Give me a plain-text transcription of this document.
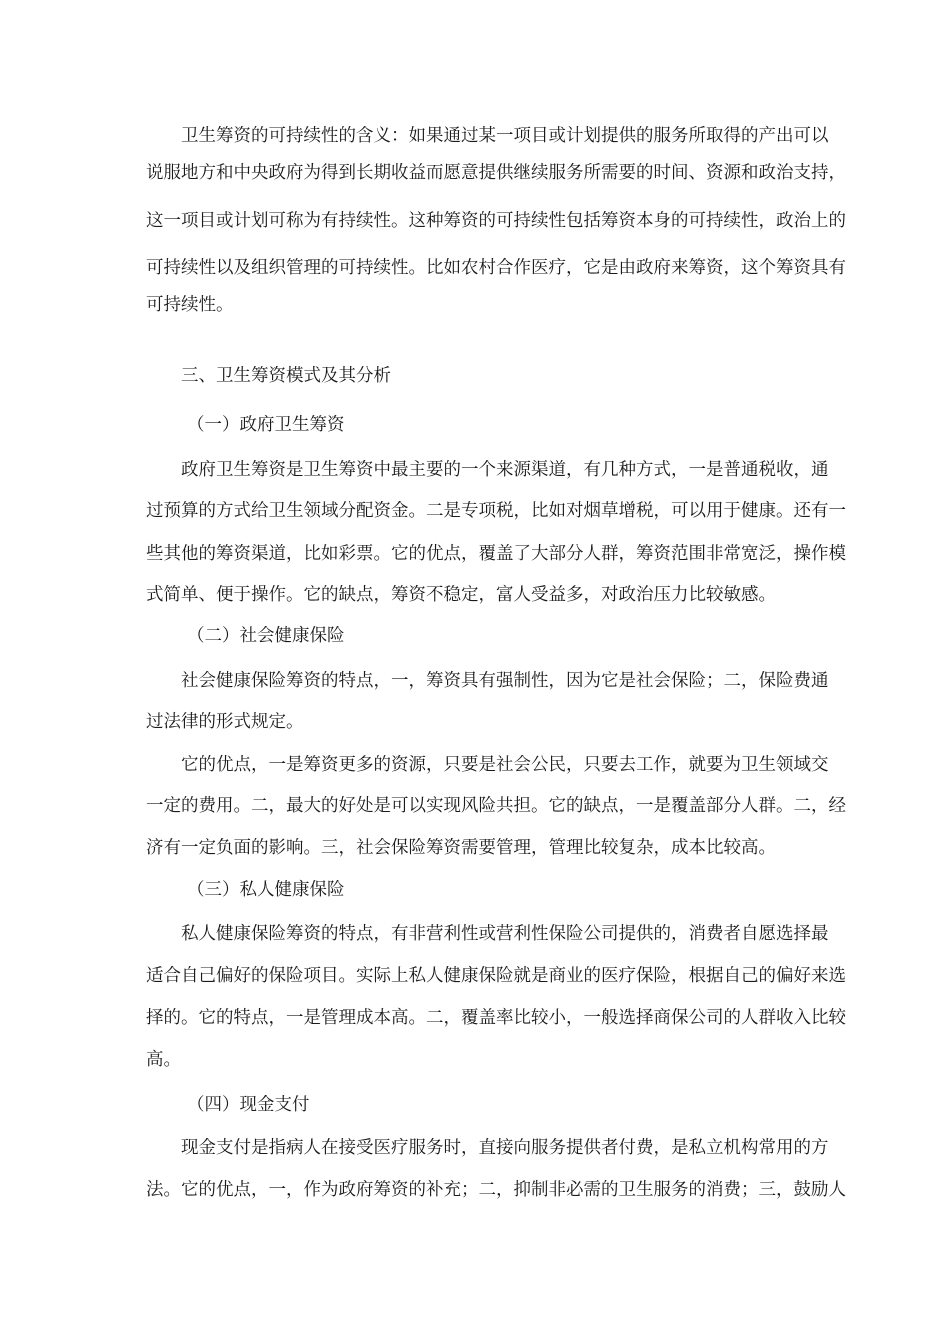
卫生筹资的可持续性的含义：如果通过某一项目或计划提供的服务所取得的产出可以
说服地方和中央政府为得到长期收益而愿意提供继续服务所需要的时间、资源和政治支持，
这一项目或计划可称为有持续性。这种筹资的可持续性包括筹资本身的可持续性，政治上的
可持续性以及组织管理的可持续性。比如农村合作医疗，它是由政府来筹资，这个筹资具有
可持续性。
三、卫生筹资模式及其分析
（一）政府卫生筹资
政府卫生筹资是卫生筹资中最主要的一个来源渠道，有几种方式，一是普通税收，通
过预算的方式给卫生领域分配资金。二是专项税，比如对烟草增税，可以用于健康。还有一
些其他的筹资渠道，比如彩票。它的优点，覆盖了大部分人群，筹资范围非常宽泛，操作模
式简单、便于操作。它的缺点，筹资不稳定，富人受益多，对政治压力比较敏感。
（二）社会健康保险
社会健康保险筹资的特点，一，筹资具有强制性，因为它是社会保险；二，保险费通
过法律的形式规定。
它的优点，一是筹资更多的资源，只要是社会公民，只要去工作，就要为卫生领域交
一定的费用。二，最大的好处是可以实现风险共担。它的缺点，一是覆盖部分人群。二，经
济有一定负面的影响。三，社会保险筹资需要管理，管理比较复杂，成本比较高。
（三）私人健康保险
私人健康保险筹资的特点，有非营利性或营利性保险公司提供的，消费者自愿选择最
适合自己偏好的保险项目。实际上私人健康保险就是商业的医疗保险，根据自己的偏好来选
择的。它的特点，一是管理成本高。二，覆盖率比较小，一般选择商保公司的人群收入比较
高。
（四）现金支付
现金支付是指病人在接受医疗服务时，直接向服务提供者付费，是私立机构常用的方
法。它的优点，一，作为政府筹资的补充；二，抑制非必需的卫生服务的消费；三，鼓励人
